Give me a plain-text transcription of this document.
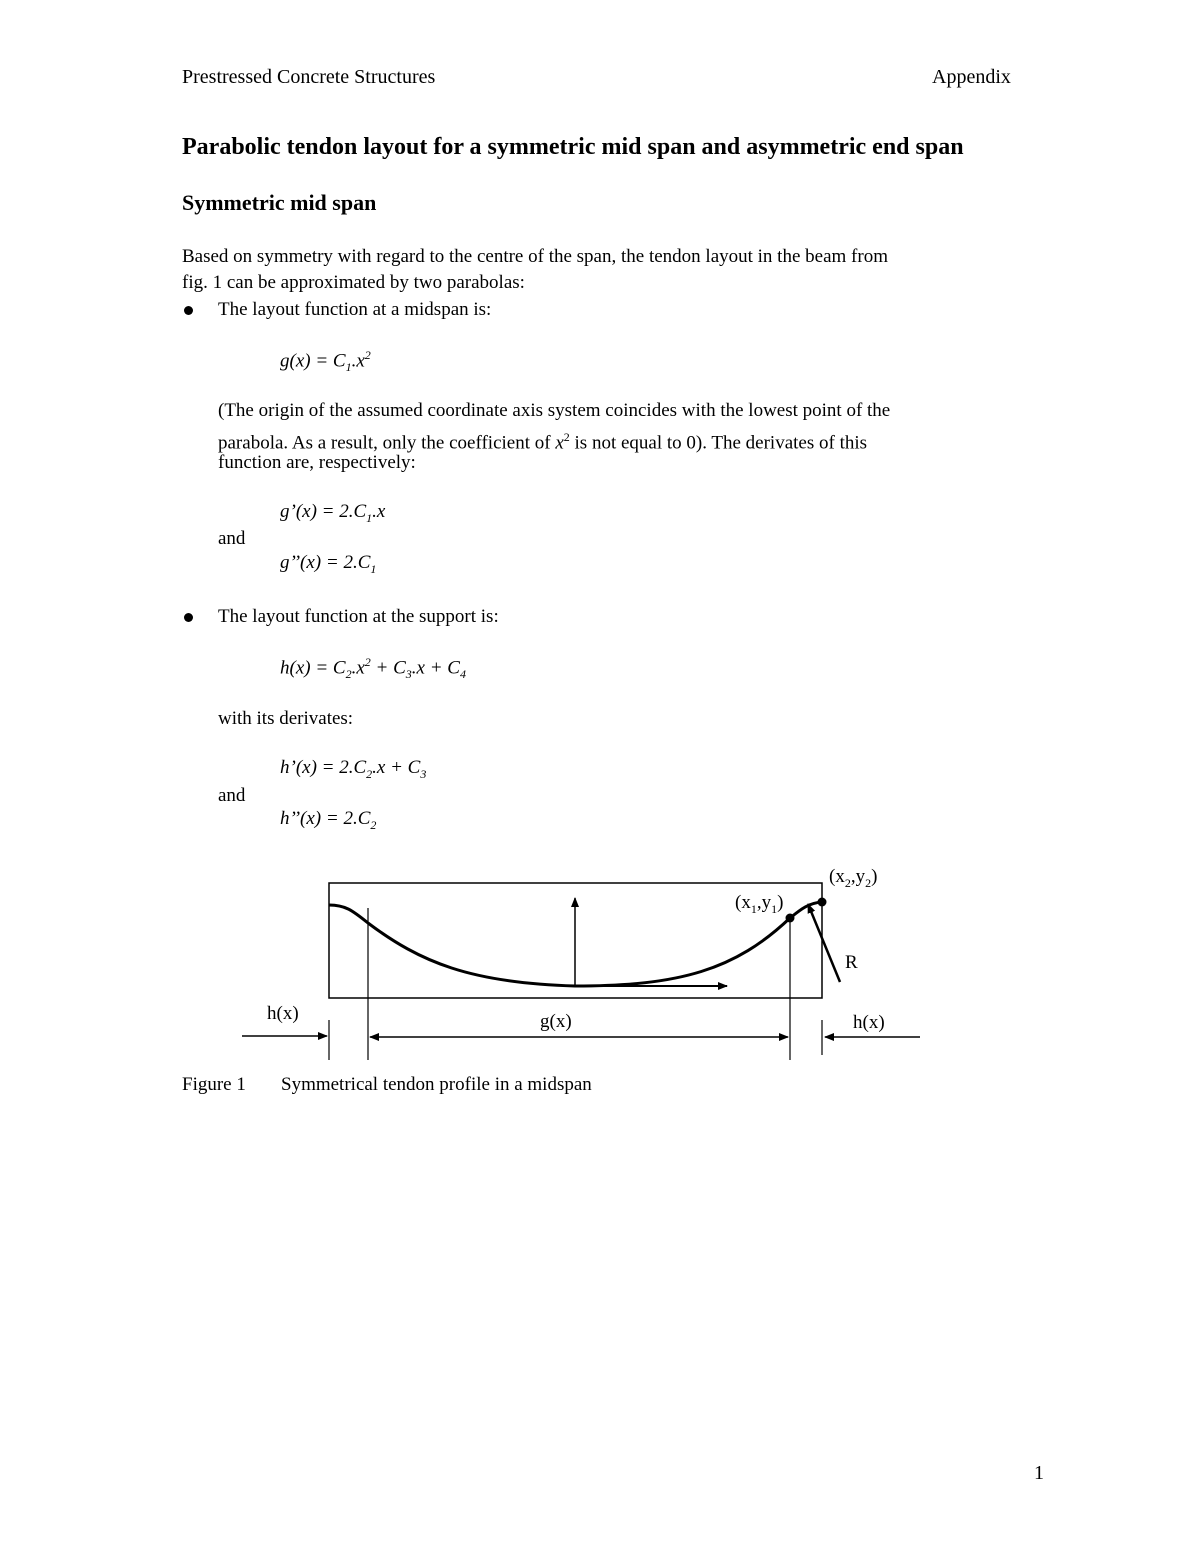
Prestressed Concrete Structures	Appendix
Parabolic tendon layout for a symmetric mid span and asymmetric end span
Symmetric mid span
Based on symmetry with regard to the centre of the span, the tendon layout in the beam from
fig. 1 can be approximated by two parabolas:
The layout function at a midspan is:
$g(x) = C_1.x^2$
(The origin of the assumed coordinate axis system coincides with the lowest point of the
parabola. As a result, only the coefficient of $x^2$ is not equal to 0). The derivates of this
function are, respectively:
g’(x) = $2.C_1.x$
and
g’’(x) = $2.C_1$
The layout function at the support is:
$h(x) = C_2.x^2 + C_3.x + C_4$
with its derivates:
h’(x) = $2.C_2.x + C_3$
and
h’’(x) = $2.C_2$
$(x_2,y_2)$
$(x_1,y_1)$
R
h(x)	g(x)	h(x)
Figure 1 Symmetrical tendon profile in a midspan
1
